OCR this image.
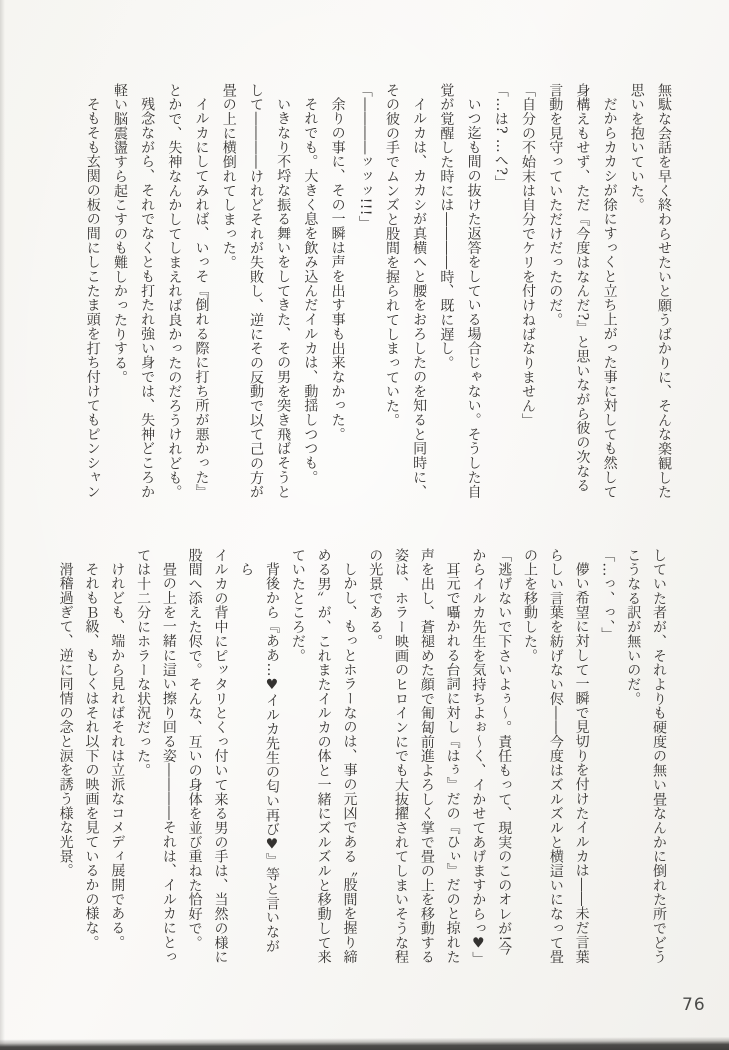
無駄な会話を早く終わらせたいと願うばかりに、そんな楽観した

思いを抱いていた。

だからカカシが徐にすっくと立ち上がった事に対しても然して

身構えもせず、ただ『今度はなんだ?』と思いながら彼の次なる

言動を見守っていただけだったのだ。

「自分の不始末は自分でケリを付けねばなりません」

「…は? …へ?」

いつ迄も間の抜けた返答をしている場合じゃない。そうした自

覚が覚醒した時には――――時、既に遅し。

イルカは、カカシが真横へと腰をおろしたのを知ると同時に、

その彼の手でムンズと股間を握られてしまっていた。

「――――ッッッ!!!」

余りの事に、その一瞬は声を出す事も出来なかった。

それでも。大きく息を飲み込んだイルカは、動揺しつつも。

いきなり不埒な振る舞いをしてきた、その男を突き飛ばそうと

して――――けれどそれが失敗し、逆にその反動で以て己の方が

畳の上に横倒れてしまった。

イルカにしてみれば、いっそ『倒れる際に打ち所が悪かった』

とかで、失神なんかしてしまえれば良かったのだろうけれども。

残念ながら、それでなくとも打たれ強い身では、失神どころか

軽い脳震盪すら起こすのも難しかったりする。

そもそも玄関の板の間にしこたま頭を打ち付けてもピンシャン

していた者が、それよりも硬度の無い畳なんかに倒れた所でどう

こうなる訳が無いのだ。

「…っ、っ、」

儚い希望に対して一瞬で見切りを付けたイルカは――未だ言葉

らしい言葉を紡げない侭――今度はズルズルと横這いになって畳

の上を移動した。

「逃げないで下さいよぅ〜。責任もって、現実のこのオレが!今

からイルカ先生を気持ちよぉ〜く、イかせてあげますからっ♥」

耳元で囁かれる台詞に対し『はぅ』だの『ひぃ』だのと掠れた

声を出し、蒼褪めた顔で匍匐前進よろしく掌で畳の上を移動する

姿は、ホラー映画のヒロインにでも大抜擢されてしまいそうな程

の光景である。

しかし、もっとホラーなのは、事の元凶である〝股間を握り締

める男〟が、これまたイルカの体と一緒にズルズルと移動して来

ていたところだ。

背後から『ああ…♥イルカ先生の匂い再び♥』等と言いながら

イルカの背中にピッタリとくっ付いて来る男の手は、当然の様に

股間へ添えた侭で。そんな、互いの身体を並び重ねた恰好で。

畳の上を一緒に這い擦り回る姿――――それは、イルカにとっ

ては十二分にホラーな状況だった。

けれども、端から見ればそれは立派なコメディ展開である。

それもＢ級、もしくはそれ以下の映画を見ているかの様な。

滑稽過ぎて、逆に同情の念と涙を誘う様な光景。

76
